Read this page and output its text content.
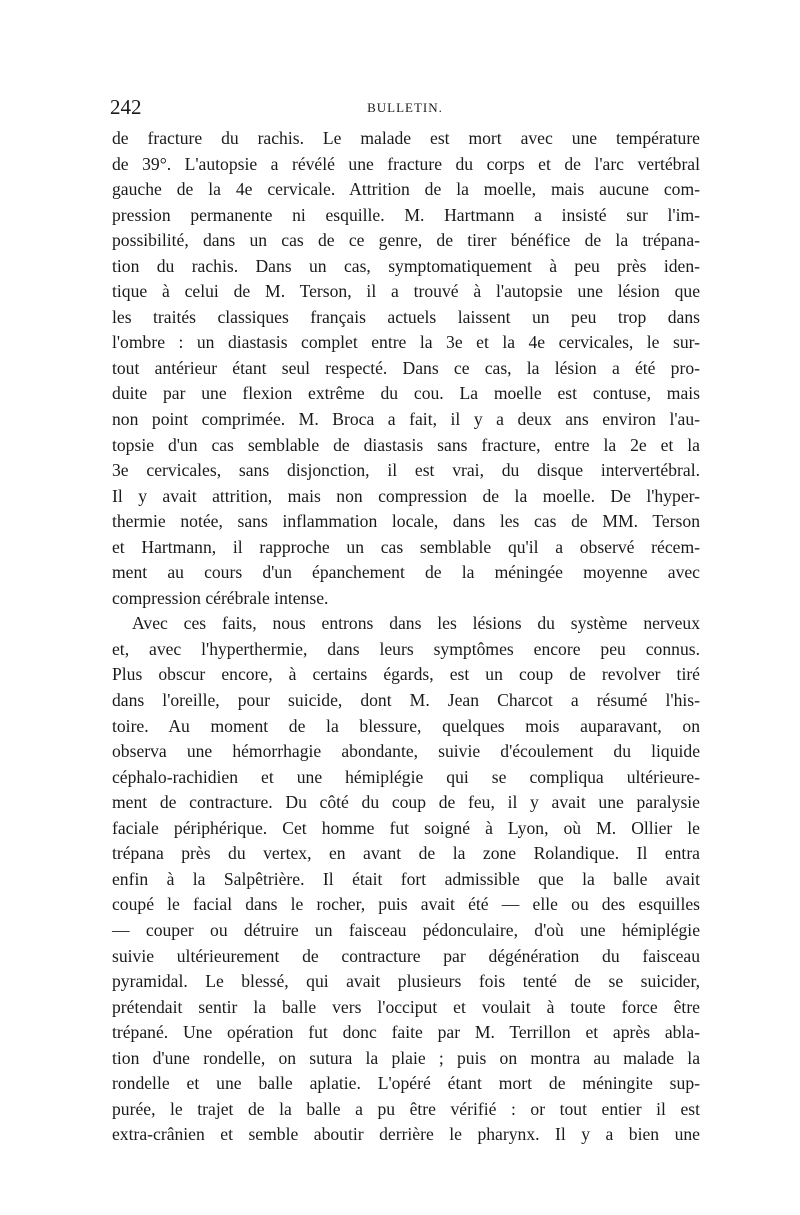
242	BULLETIN.
de fracture du rachis. Le malade est mort avec une température
de 39°. L'autopsie a révélé une fracture du corps et de l'arc vertébral
gauche de la 4e cervicale. Attrition de la moelle, mais aucune com-
pression permanente ni esquille. M. Hartmann a insisté sur l'im-
possibilité, dans un cas de ce genre, de tirer bénéfice de la trépana-
tion du rachis. Dans un cas, symptomatiquement à peu près iden-
tique à celui de M. Terson, il a trouvé à l'autopsie une lésion que
les traités classiques français actuels laissent un peu trop dans
l'ombre : un diastasis complet entre la 3e et la 4e cervicales, le sur-
tout antérieur étant seul respecté. Dans ce cas, la lésion a été pro-
duite par une flexion extrême du cou. La moelle est contuse, mais
non point comprimée. M. Broca a fait, il y a deux ans environ l'au-
topsie d'un cas semblable de diastasis sans fracture, entre la 2e et la
3e cervicales, sans disjonction, il est vrai, du disque intervertébral.
Il y avait attrition, mais non compression de la moelle. De l'hyper-
thermie notée, sans inflammation locale, dans les cas de MM. Terson
et Hartmann, il rapproche un cas semblable qu'il a observé récem-
ment au cours d'un épanchement de la méningée moyenne avec
compression cérébrale intense.
Avec ces faits, nous entrons dans les lésions du système nerveux
et, avec l'hyperthermie, dans leurs symptômes encore peu connus.
Plus obscur encore, à certains égards, est un coup de revolver tiré
dans l'oreille, pour suicide, dont M. Jean Charcot a résumé l'his-
toire. Au moment de la blessure, quelques mois auparavant, on
observa une hémorrhagie abondante, suivie d'écoulement du liquide
céphalo-rachidien et une hémiplégie qui se compliqua ultérieure-
ment de contracture. Du côté du coup de feu, il y avait une paralysie
faciale périphérique. Cet homme fut soigné à Lyon, où M. Ollier le
trépana près du vertex, en avant de la zone Rolandique. Il entra
enfin à la Salpêtrière. Il était fort admissible que la balle avait
coupé le facial dans le rocher, puis avait été — elle ou des esquilles
— couper ou détruire un faisceau pédonculaire, d'où une hémiplégie
suivie ultérieurement de contracture par dégénération du faisceau
pyramidal. Le blessé, qui avait plusieurs fois tenté de se suicider,
prétendait sentir la balle vers l'occiput et voulait à toute force être
trépané. Une opération fut donc faite par M. Terrillon et après abla-
tion d'une rondelle, on sutura la plaie ; puis on montra au malade la
rondelle et une balle aplatie. L'opéré étant mort de méningite sup-
purée, le trajet de la balle a pu être vérifié : or tout entier il est
extra-crânien et semble aboutir derrière le pharynx. Il y a bien une
